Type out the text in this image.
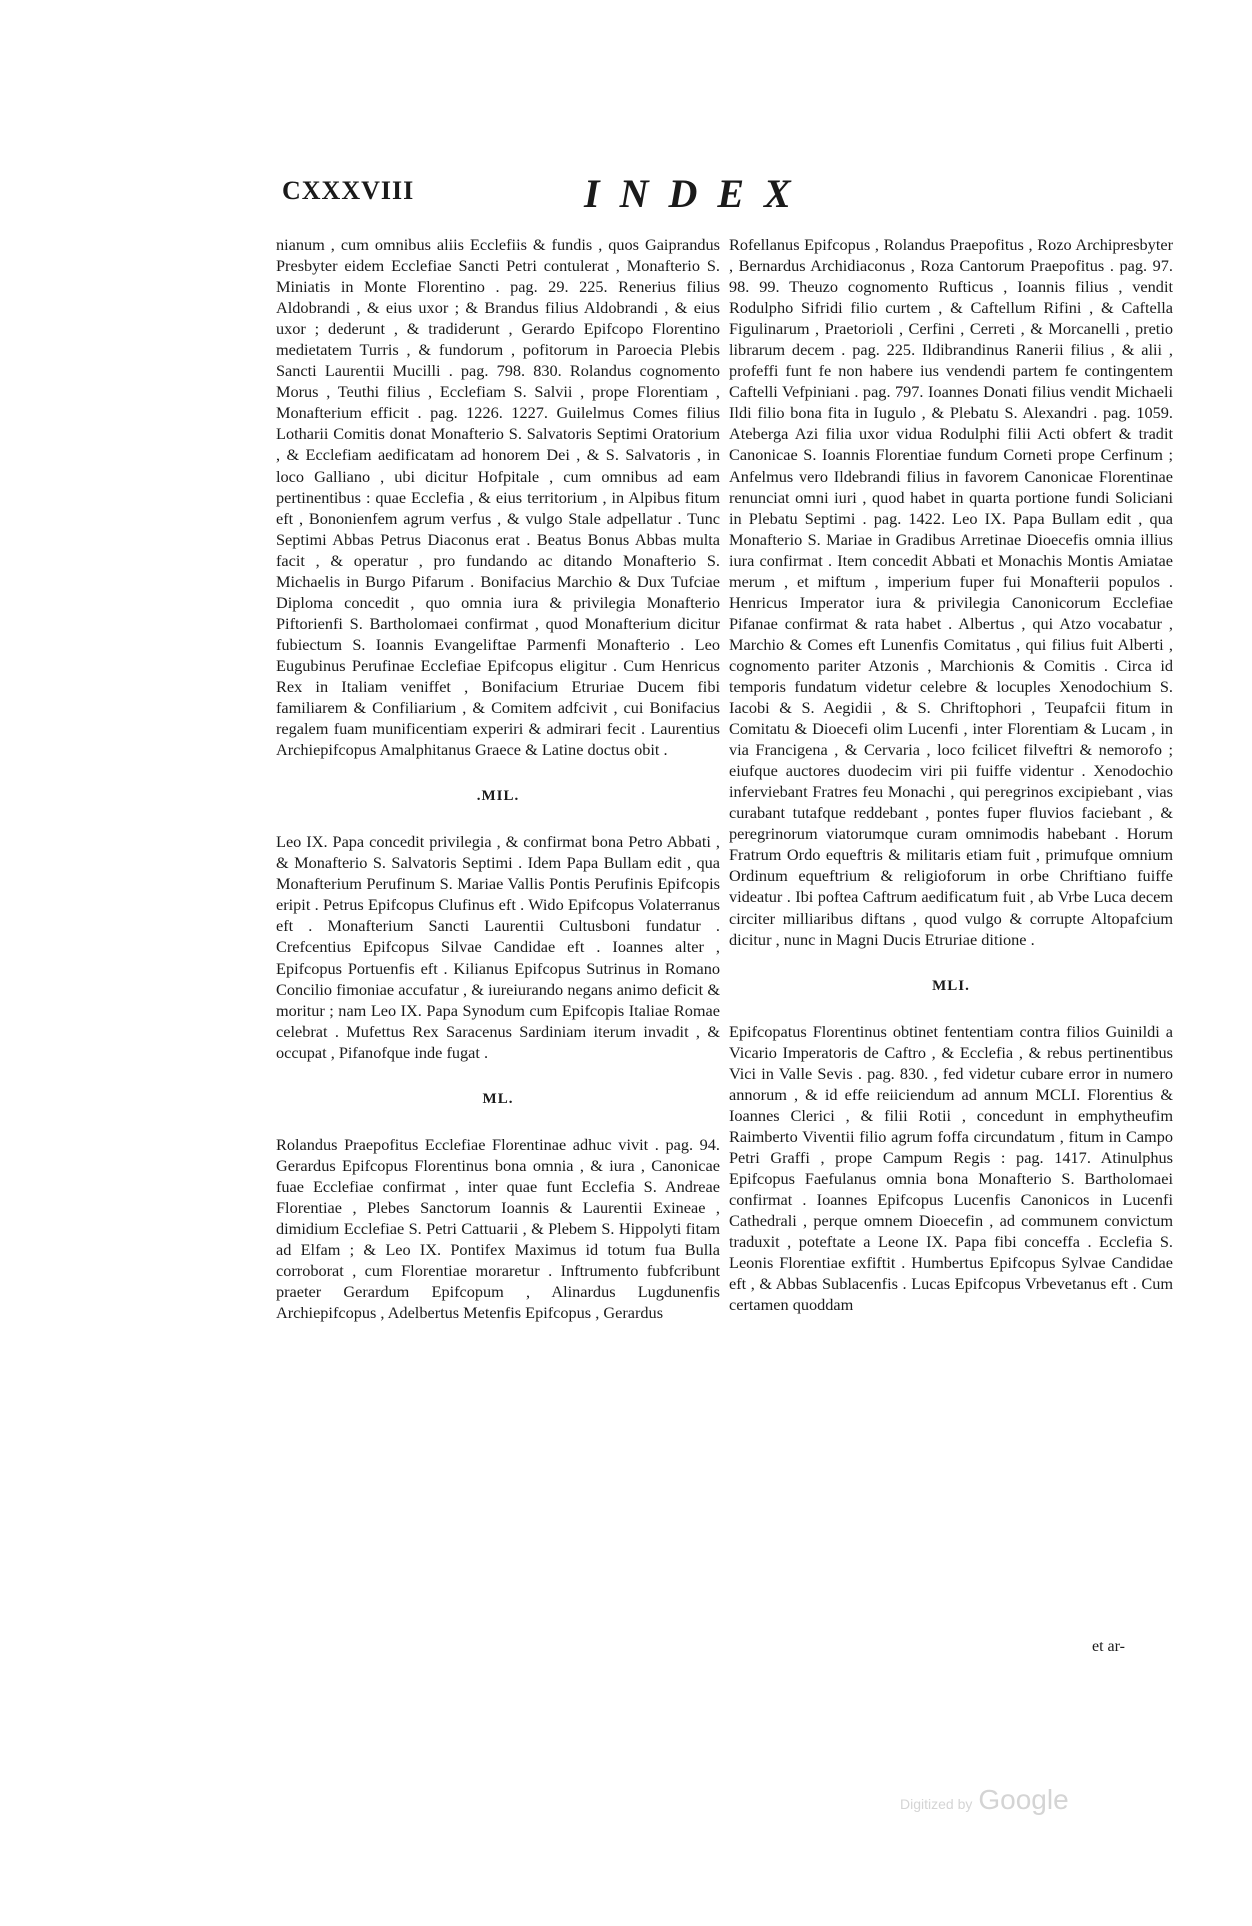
CXXXVIII	INDEX

nianum , cum omnibus aliis Ecclefiis & fundis , quos Gaiprandus Presbyter eidem Ecclefiae Sancti Petri contulerat , Monafterio S. Miniatis in Monte Florentino . pag. 29. 225. Renerius filius Aldobrandi , & eius uxor ; & Brandus filius Aldobrandi , & eius uxor ; dederunt , & tradiderunt , Gerardo Epifcopo Florentino medietatem Turris , & fundorum , pofitorum in Paroecia Plebis Sancti Laurentii Mucilli . pag. 798. 830. Rolandus cognomento Morus , Teuthi filius , Ecclefiam S. Salvii , prope Florentiam , Monafterium efficit . pag. 1226. 1227. Guilelmus Comes filius Lotharii Comitis donat Monafterio S. Salvatoris Septimi Oratorium , & Ecclefiam aedificatam ad honorem Dei , & S. Salvatoris , in loco Galliano , ubi dicitur Hofpitale , cum omnibus ad eam pertinentibus : quae Ecclefia , & eius territorium , in Alpibus fitum eft , Bononienfem agrum verfus , & vulgo Stale adpellatur . Tunc Septimi Abbas Petrus Diaconus erat . Beatus Bonus Abbas multa facit , & operatur , pro fundando ac ditando Monafterio S. Michaelis in Burgo Pifarum . Bonifacius Marchio & Dux Tufciae Diploma concedit , quo omnia iura & privilegia Monafterio Piftorienfi S. Bartholomaei confirmat , quod Monafterium dicitur fubiectum S. Ioannis Evangeliftae Parmenfi Monafterio . Leo Eugubinus Perufinae Ecclefiae Epifcopus eligitur . Cum Henricus Rex in Italiam veniffet , Bonifacium Etruriae Ducem fibi familiarem & Confiliarium , & Comitem adfcivit , cui Bonifacius regalem fuam munificentiam experiri & admirari fecit . Laurentius Archiepifcopus Amalphitanus Graece & Latine doctus obit .

.MIL.

Leo IX. Papa concedit privilegia , & confirmat bona Petro Abbati , & Monafterio S. Salvatoris Septimi . Idem Papa Bullam edit , qua Monafterium Perufinum S. Mariae Vallis Pontis Perufinis Epifcopis eripit . Petrus Epifcopus Clufinus eft . Wido Epifcopus Volaterranus eft . Monafterium Sancti Laurentii Cultusboni fundatur . Crefcentius Epifcopus Silvae Candidae eft . Ioannes alter , Epifcopus Portuenfis eft . Kilianus Epifcopus Sutrinus in Romano Concilio fimoniae accufatur , & iureiurando negans animo deficit & moritur ; nam Leo IX. Papa Synodum cum Epifcopis Italiae Romae celebrat . Mufettus Rex Saracenus Sardiniam iterum invadit , & occupat , Pifanofque inde fugat .

ML.

Rolandus Praepofitus Ecclefiae Florentinae adhuc vivit . pag. 94. Gerardus Epifcopus Florentinus bona omnia , & iura , Canonicae fuae Ecclefiae confirmat , inter quae funt Ecclefia S. Andreae Florentiae , Plebes Sanctorum Ioannis & Laurentii Exineae , dimidium Ecclefiae S. Petri Cattuarii , & Plebem S. Hippolyti fitam ad Elfam ; & Leo IX. Pontifex Maximus id totum fua Bulla corroborat , cum Florentiae moraretur . Inftrumento fubfcribunt praeter Gerardum Epifcopum , Alinardus Lugdunenfis Archiepifcopus , Adelbertus Metenfis Epifcopus , Gerardus

Rofellanus Epifcopus , Rolandus Praepofitus , Rozo Archipresbyter , Bernardus Archidiaconus , Roza Cantorum Praepofitus . pag. 97. 98. 99. Theuzo cognomento Rufticus , Ioannis filius , vendit Rodulpho Sifridi filio curtem , & Caftellum Rifini , & Caftella Figulinarum , Praetorioli , Cerfini , Cerreti , & Morcanelli , pretio librarum decem . pag. 225. Ildibrandinus Ranerii filius , & alii , profeffi funt fe non habere ius vendendi partem fe contingentem Caftelli Vefpiniani . pag. 797. Ioannes Donati filius vendit Michaeli Ildi filio bona fita in Iugulo , & Plebatu S. Alexandri . pag. 1059. Ateberga Azi filia uxor vidua Rodulphi filii Acti obfert & tradit Canonicae S. Ioannis Florentiae fundum Corneti prope Cerfinum ; Anfelmus vero Ildebrandi filius in favorem Canonicae Florentinae renunciat omni iuri , quod habet in quarta portione fundi Soliciani in Plebatu Septimi . pag. 1422. Leo IX. Papa Bullam edit , qua Monafterio S. Mariae in Gradibus Arretinae Dioecefis omnia illius iura confirmat . Item concedit Abbati et Monachis Montis Amiatae merum , et miftum , imperium fuper fui Monafterii populos . Henricus Imperator iura & privilegia Canonicorum Ecclefiae Pifanae confirmat & rata habet . Albertus , qui Atzo vocabatur , Marchio & Comes eft Lunenfis Comitatus , qui filius fuit Alberti , cognomento pariter Atzonis , Marchionis & Comitis . Circa id temporis fundatum videtur celebre & locuples Xenodochium S. Iacobi & S. Aegidii , & S. Chriftophori , Teupafcii fitum in Comitatu & Dioecefi olim Lucenfi , inter Florentiam & Lucam , in via Francigena , & Cervaria , loco fcilicet filveftri & nemorofo ; eiufque auctores duodecim viri pii fuiffe videntur . Xenodochio inferviebant Fratres feu Monachi , qui peregrinos excipiebant , vias curabant tutafque reddebant , pontes fuper fluvios faciebant , & peregrinorum viatorumque curam omnimodis habebant . Horum Fratrum Ordo equeftris & militaris etiam fuit , primufque omnium Ordinum equeftrium & religioforum in orbe Chriftiano fuiffe videatur . Ibi poftea Caftrum aedificatum fuit , ab Vrbe Luca decem circiter milliaribus diftans , quod vulgo & corrupte Altopafcium dicitur , nunc in Magni Ducis Etruriae ditione .

MLI.

Epifcopatus Florentinus obtinet fententiam contra filios Guinildi a Vicario Imperatoris de Caftro , & Ecclefia , & rebus pertinentibus Vici in Valle Sevis . pag. 830. , fed videtur cubare error in numero annorum , & id effe reiiciendum ad annum MCLI. Florentius & Ioannes Clerici , & filii Rotii , concedunt in emphytheufim Raimberto Viventii filio agrum foffa circundatum , fitum in Campo Petri Graffi , prope Campum Regis : pag. 1417. Atinulphus Epifcopus Faefulanus omnia bona Monafterio S. Bartholomaei confirmat . Ioannes Epifcopus Lucenfis Canonicos in Lucenfi Cathedrali , perque omnem Dioecefin , ad communem convictum traduxit , poteftate a Leone IX. Papa fibi conceffa . Ecclefia S. Leonis Florentiae exfiftit . Humbertus Epifcopus Sylvae Candidae eft , & Abbas Sublacenfis . Lucas Epifcopus Vrbevetanus eft . Cum certamen quoddam

et ar-
Digitized by Google
